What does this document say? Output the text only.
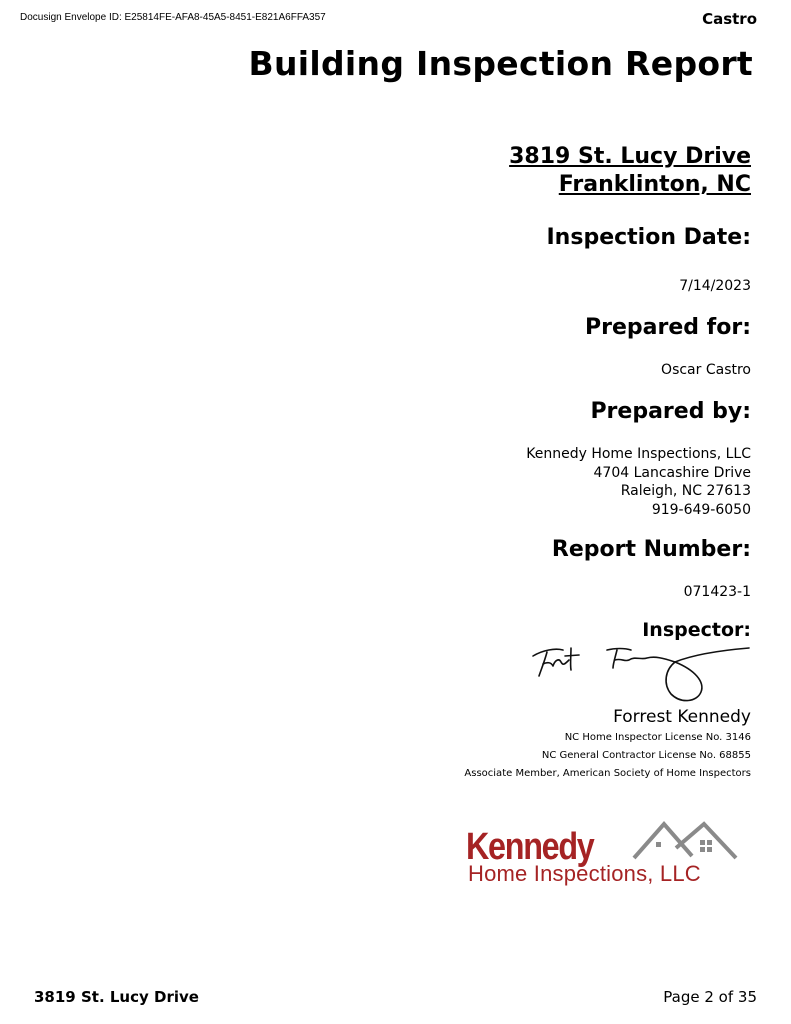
Docusign Envelope ID: E25814FE-AFA8-45A5-8451-E821A6FFA357	Castro
Building Inspection Report
3819 St. Lucy Drive
Franklinton, NC
Inspection Date:
7/14/2023
Prepared for:
Oscar Castro
Prepared by:
Kennedy Home Inspections, LLC
4704 Lancashire Drive
Raleigh, NC 27613
919-649-6050
Report Number:
071423-1
Inspector:
Forrest Kennedy
NC Home Inspector License No. 3146
NC General Contractor License No. 68855
Associate Member, American Society of Home Inspectors
Kennedy
Home Inspections, LLC
3819 St. Lucy Drive	Page 2 of 35
